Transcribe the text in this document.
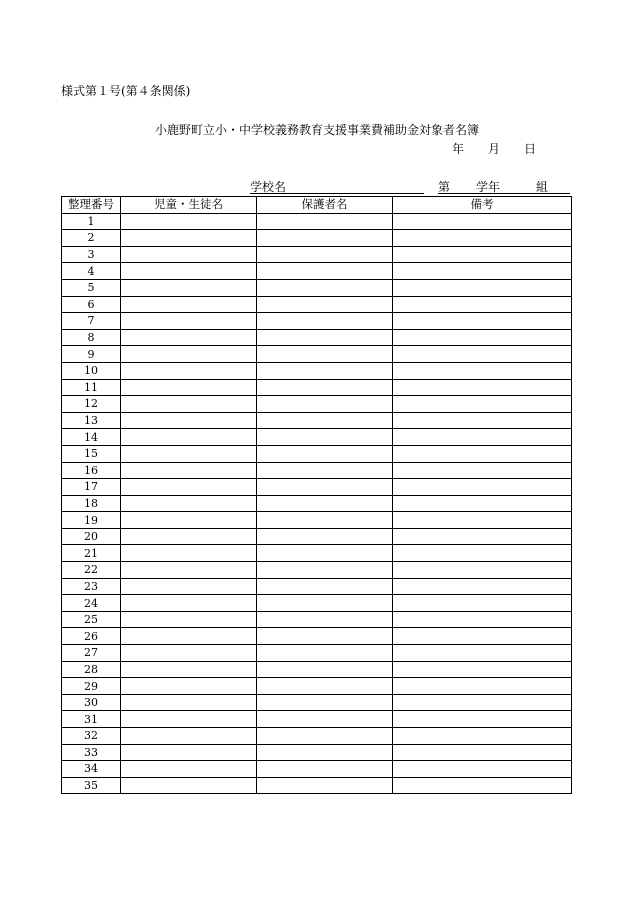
様式第１号(第４条関係)
小鹿野町立小・中学校義務教育支援事業費補助金対象者名簿
年 月 日
学校名	第 学年	組
整理番号	児童・生徒名	保護者名	備考
1			
2			
3			
4			
5			
6			
7			
8			
9			
10			
11			
12			
13			
14			
15			
16			
17			
18			
19			
20			
21			
22			
23			
24			
25			
26			
27			
28			
29			
30			
31			
32			
33			
34			
35			
